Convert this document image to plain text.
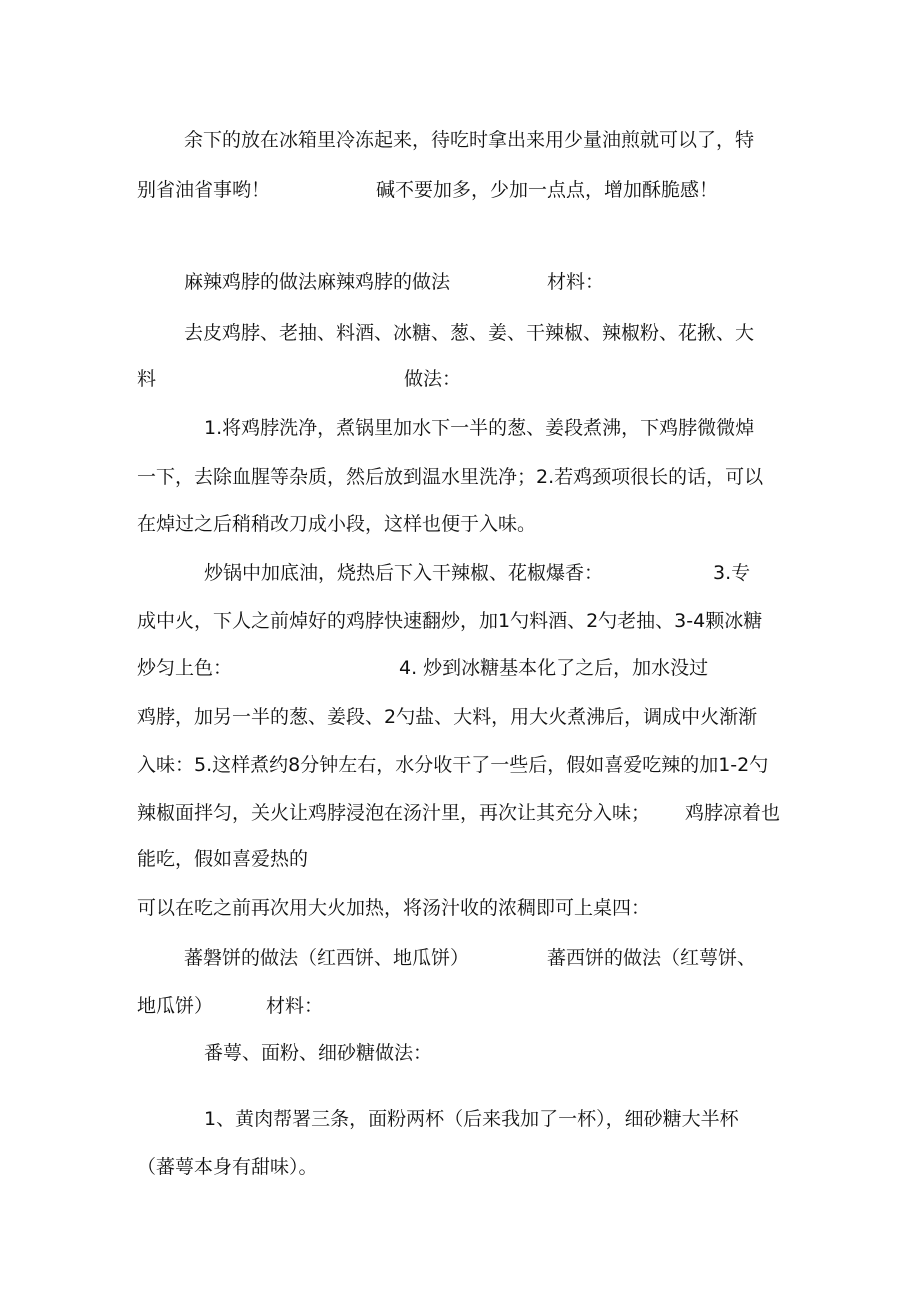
余下的放在冰箱里冷冻起来，待吃时拿出来用少量油煎就可以了，特
别省油省事哟！	碱不要加多，少加一点点，增加酥脆感！
麻辣鸡脖的做法麻辣鸡脖的做法	材料：
去皮鸡脖、老抽、料酒、冰糖、葱、姜、干辣椒、辣椒粉、花揪、大
料	做法：
1.将鸡脖洗净，煮锅里加水下一半的葱、姜段煮沸，下鸡脖微微焯
一下，去除血腥等杂质，然后放到温水里洗净；2.若鸡颈项很长的话，可以
在焯过之后稍稍改刀成小段，这样也便于入味。
炒锅中加底油，烧热后下入干辣椒、花椒爆香：	3.专
成中火，下人之前焯好的鸡脖快速翻炒，加1勺料酒、2勺老抽、3-4颗冰糖
炒匀上色：	4. 炒到冰糖基本化了之后，加水没过
鸡脖，加另一半的葱、姜段、2勺盐、大料，用大火煮沸后，调成中火渐渐
入味：5.这样煮约8分钟左右，水分收干了一些后，假如喜爱吃辣的加1-2勺
辣椒面拌匀，关火让鸡脖浸泡在汤汁里，再次让其充分入味； 鸡脖凉着也
能吃，假如喜爱热的
可以在吃之前再次用大火加热，将汤汁收的浓稠即可上桌四：
蕃磐饼的做法（红西饼、地瓜饼）	蕃西饼的做法（红萼饼、
地瓜饼）	材料：
番萼、面粉、细砂糖做法：
1、黄肉帮署三条，面粉两杯（后来我加了一杯），细砂糖大半杯
（蕃萼本身有甜味）。
